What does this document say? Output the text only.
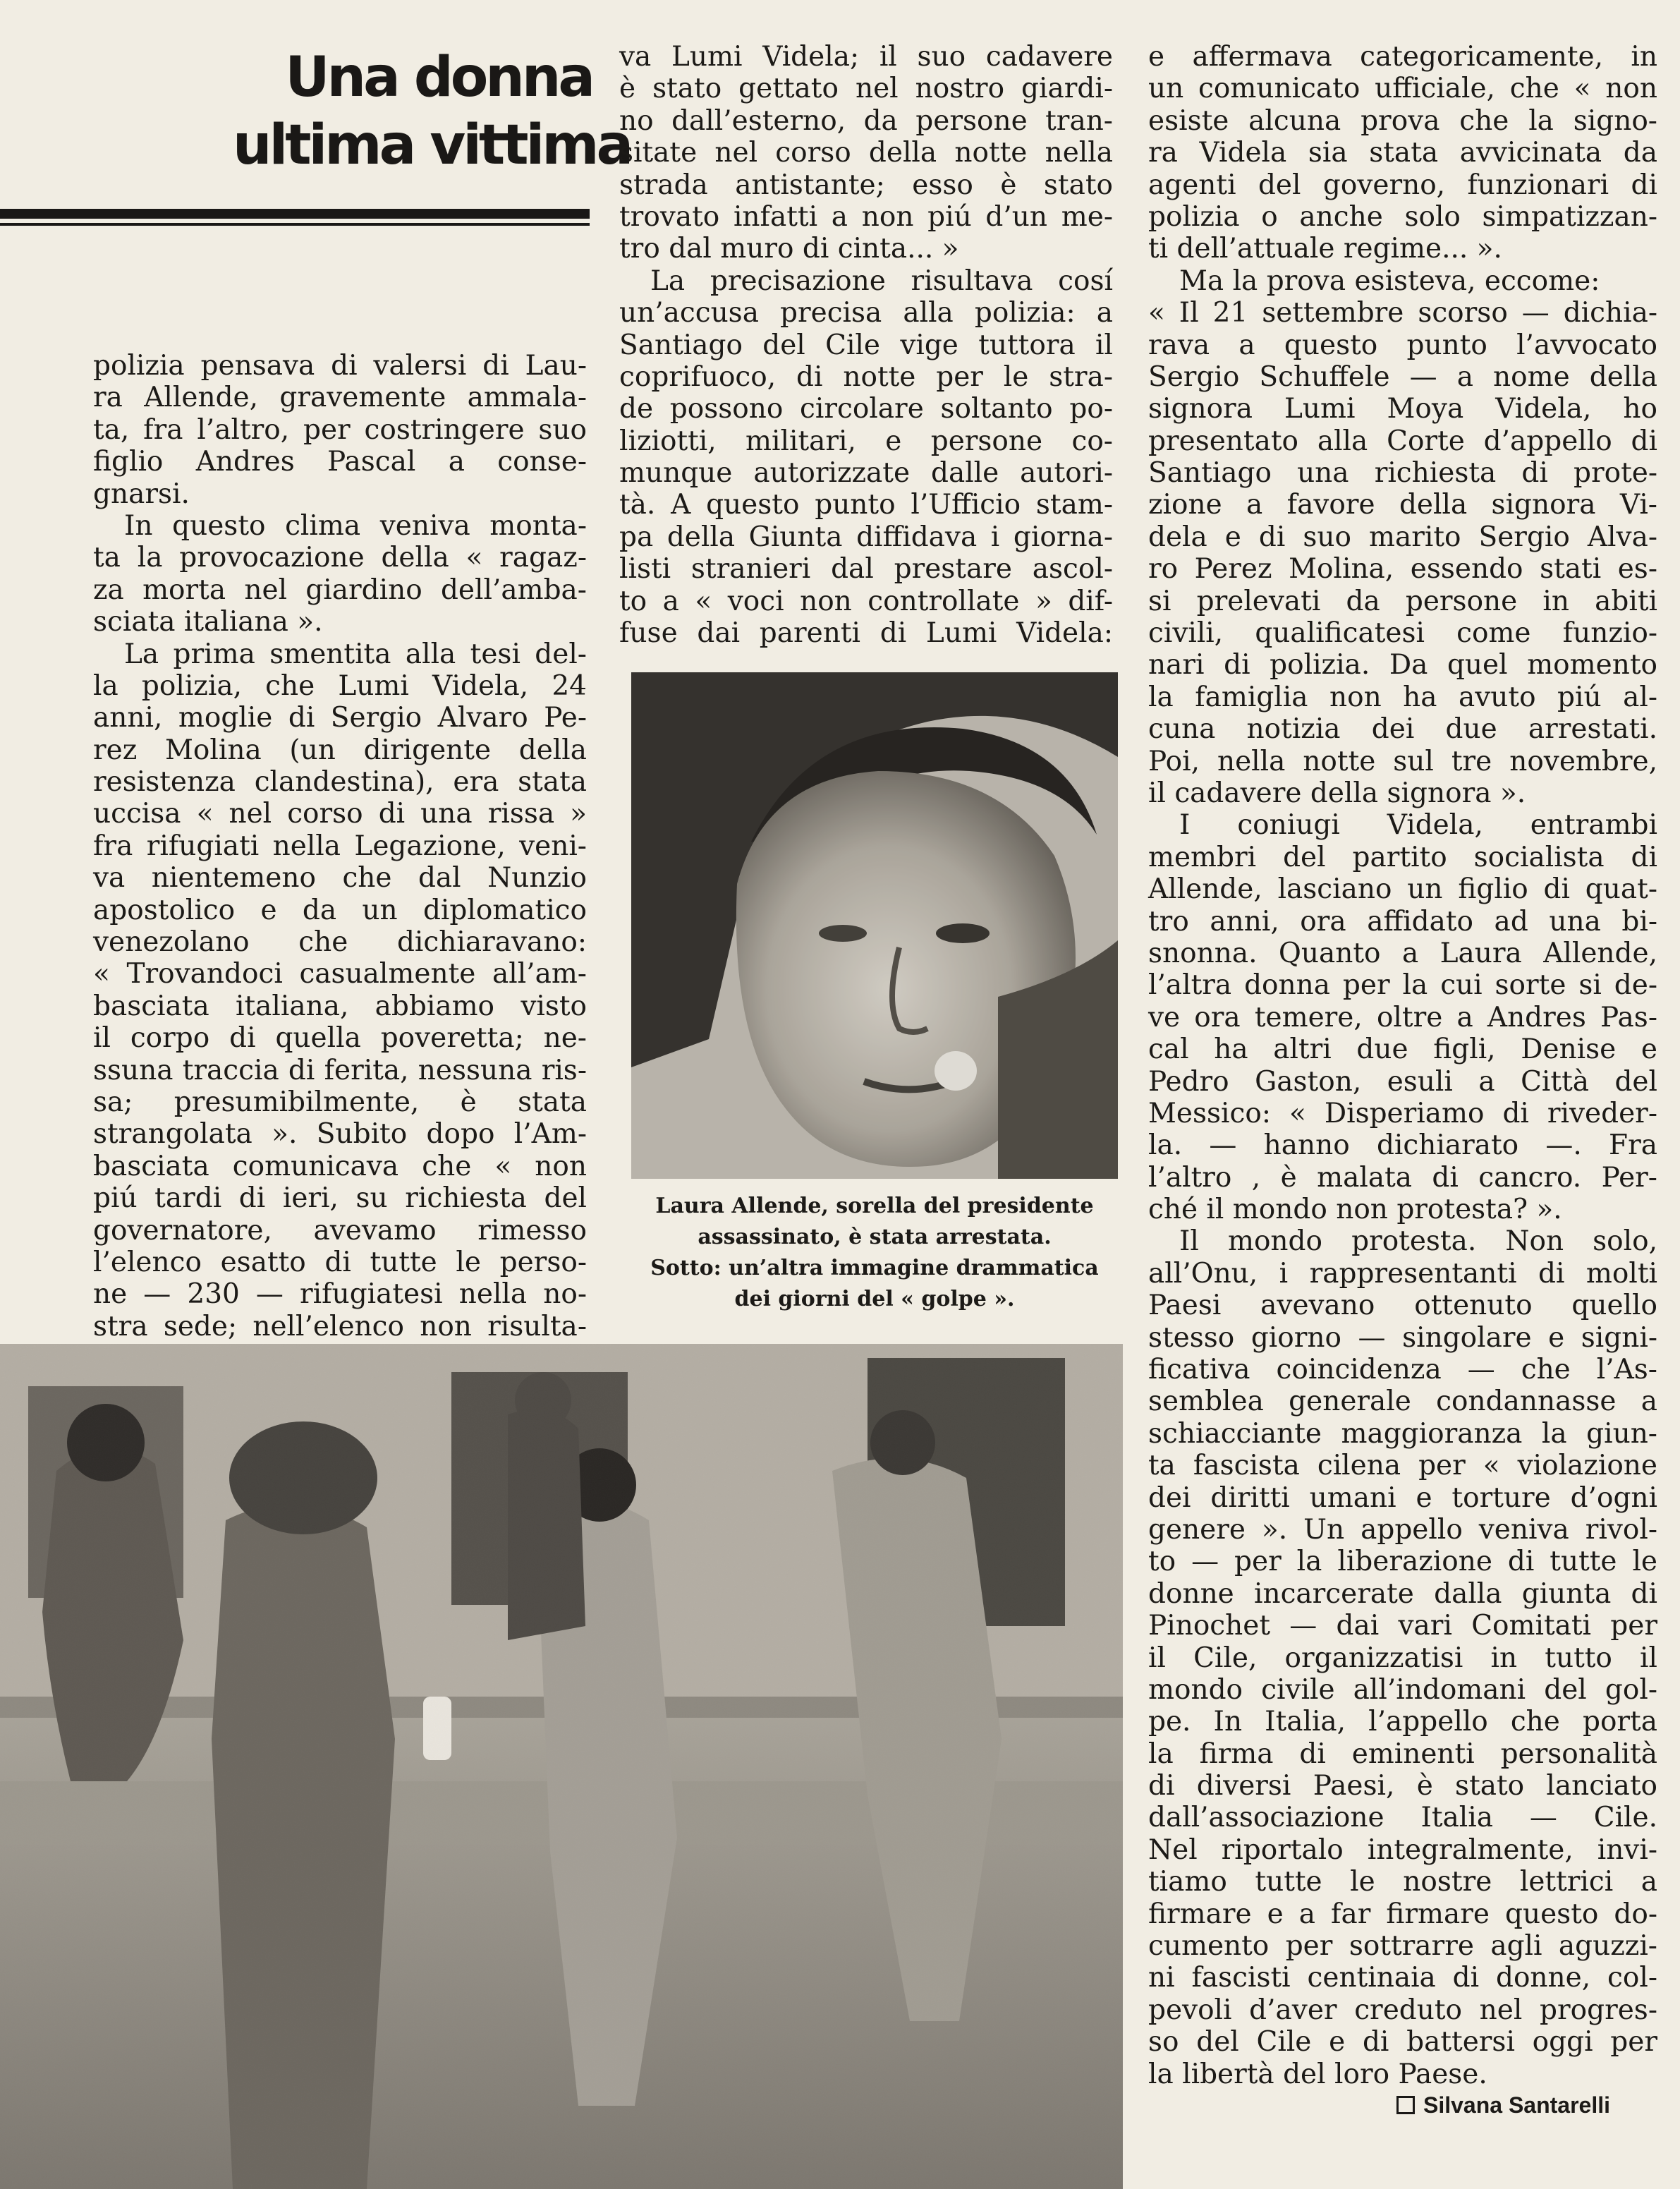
Una donna
ultima vittima
polizia pensava di valersi di Lau-
ra Allende, gravemente ammala-
ta, fra l’altro, per costringere suo
figlio Andres Pascal a conse-
gnarsi.
In questo clima veniva monta-
ta la provocazione della « ragaz-
za morta nel giardino dell’amba-
sciata italiana ».
La prima smentita alla tesi del-
la polizia, che Lumi Videla, 24
anni, moglie di Sergio Alvaro Pe-
rez Molina (un dirigente della
resistenza clandestina), era stata
uccisa « nel corso di una rissa »
fra rifugiati nella Legazione, veni-
va nientemeno che dal Nunzio
apostolico e da un diplomatico
venezolano che dichiaravano:
« Trovandoci casualmente all’am-
basciata italiana, abbiamo visto
il corpo di quella poveretta; ne-
ssuna traccia di ferita, nessuna ris-
sa; presumibilmente, è stata
strangolata ». Subito dopo l’Am-
basciata comunicava che « non
piú tardi di ieri, su richiesta del
governatore, avevamo rimesso
l’elenco esatto di tutte le perso-
ne — 230 — rifugiatesi nella no-
stra sede; nell’elenco non risulta-
va Lumi Videla; il suo cadavere
è stato gettato nel nostro giardi-
no dall’esterno, da persone tran-
sitate nel corso della notte nella
strada antistante; esso è stato
trovato infatti a non piú d’un me-
tro dal muro di cinta... »
La precisazione risultava cosí
un’accusa precisa alla polizia: a
Santiago del Cile vige tuttora il
coprifuoco, di notte per le stra-
de possono circolare soltanto po-
liziotti, militari, e persone co-
munque autorizzate dalle autori-
tà. A questo punto l’Ufficio stam-
pa della Giunta diffidava i giorna-
listi stranieri dal prestare ascol-
to a « voci non controllate » dif-
fuse dai parenti di Lumi Videla:

Laura Allende, sorella del presidente
assassinato, è stata arrestata.
Sotto: un’altra immagine drammatica
dei giorni del « golpe ».

e affermava categoricamente, in
un comunicato ufficiale, che « non
esiste alcuna prova che la signo-
ra Videla sia stata avvicinata da
agenti del governo, funzionari di
polizia o anche solo simpatizzan-
ti dell’attuale regime... ».
Ma la prova esisteva, eccome:
« Il 21 settembre scorso — dichia-
rava a questo punto l’avvocato
Sergio Schuffele — a nome della
signora Lumi Moya Videla, ho
presentato alla Corte d’appello di
Santiago una richiesta di prote-
zione a favore della signora Vi-
dela e di suo marito Sergio Alva-
ro Perez Molina, essendo stati es-
si prelevati da persone in abiti
civili, qualificatesi come funzio-
nari di polizia. Da quel momento
la famiglia non ha avuto piú al-
cuna notizia dei due arrestati.
Poi, nella notte sul tre novembre,
il cadavere della signora ».
I coniugi Videla, entrambi
membri del partito socialista di
Allende, lasciano un figlio di quat-
tro anni, ora affidato ad una bi-
snonna. Quanto a Laura Allende,
l’altra donna per la cui sorte si de-
ve ora temere, oltre a Andres Pas-
cal ha altri due figli, Denise e
Pedro Gaston, esuli a Città del
Messico: « Disperiamo di riveder-
la. — hanno dichiarato —. Fra
l’altro , è malata di cancro. Per-
ché il mondo non protesta? ».
Il mondo protesta. Non solo,
all’Onu, i rappresentanti di molti
Paesi avevano ottenuto quello
stesso giorno — singolare e signi-
ficativa coincidenza — che l’As-
semblea generale condannasse a
schiacciante maggioranza la giun-
ta fascista cilena per « violazione
dei diritti umani e torture d’ogni
genere ». Un appello veniva rivol-
to — per la liberazione di tutte le
donne incarcerate dalla giunta di
Pinochet — dai vari Comitati per
il Cile, organizzatisi in tutto il
mondo civile all’indomani del gol-
pe. In Italia, l’appello che porta
la firma di eminenti personalità
di diversi Paesi, è stato lanciato
dall’associazione Italia — Cile.
Nel riportalo integralmente, invi-
tiamo tutte le nostre lettrici a
firmare e a far firmare questo do-
cumento per sottrarre agli aguzzi-
ni fascisti centinaia di donne, col-
pevoli d’aver creduto nel progres-
so del Cile e di battersi oggi per
la libertà del loro Paese.

Silvana Santarelli
